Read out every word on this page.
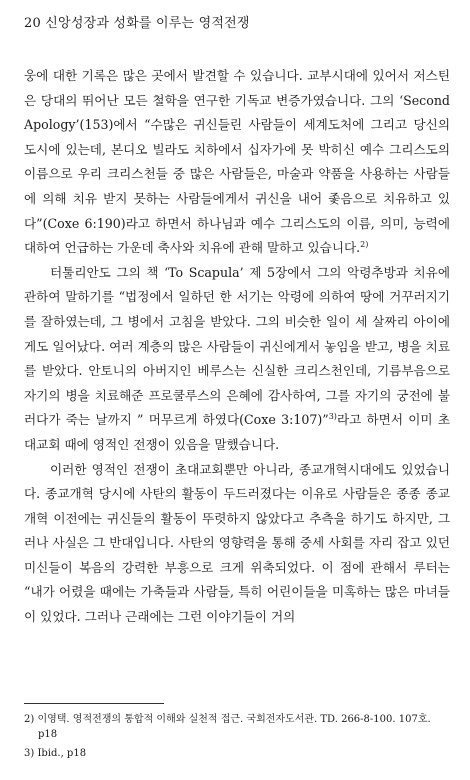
20 신앙성장과 성화를 이루는 영적전쟁

웅에 대한 기록은 많은 곳에서 발견할 수 있습니다. 교부시대에 있어서 저스틴은 당대의 뛰어난 모든 철학을 연구한 기독교 변증가였습니다. 그의 ‘Second Apology’(153)에서 “수많은 귀신들린 사람들이 세계도처에 그리고 당신의 도시에 있는데, 본디오 빌라도 치하에서 십자가에 못 박히신 예수 그리스도의 이름으로 우리 크리스천들 중 많은 사람들은, 마술과 약품을 사용하는 사람들에 의해 치유 받지 못하는 사람들에게서 귀신을 내어 좇음으로 치유하고 있다”(Coxe 6:190)라고 하면서 하나님과 예수 그리스도의 이름, 의미, 능력에 대하여 언급하는 가운데 축사와 치유에 관해 말하고 있습니다.$^{2)}$

터툴리안도 그의 책 ‘To Scapula’ 제 5장에서 그의 악령추방과 치유에 관하여 말하기를 “법정에서 일하던 한 서기는 악령에 의하여 땅에 거꾸러지기를 잘하였는데, 그 병에서 고침을 받았다. 그의 비슷한 일이 세 살짜리 아이에게도 일어났다. 여러 계층의 많은 사람들이 귀신에게서 놓임을 받고, 병을 치료를 받았다. 안토니의 아버지인 베루스는 신실한 크리스천인데, 기름부음으로 자기의 병을 치료해준 프로쿨루스의 은혜에 감사하여, 그를 자기의 궁전에 불러다가 죽는 날까지 ” 머무르게 하였다(Coxe 3:107)”$^{3)}$라고 하면서 이미 초대교회 때에 영적인 전쟁이 있음을 말했습니다.

이러한 영적인 전쟁이 초대교회뿐만 아니라, 종교개혁시대에도 있었습니다. 종교개혁 당시에 사탄의 활동이 두드러졌다는 이유로 사람들은 종종 종교개혁 이전에는 귀신들의 활동이 뚜렷하지 않았다고 추측을 하기도 하지만, 그러나 사실은 그 반대입니다. 사탄의 영향력을 통해 중세 사회를 자리 잡고 있던 미신들이 복음의 강력한 부흥으로 크게 위축되었다. 이 점에 관해서 루터는 “내가 어렸을 때에는 가축들과 사람들, 특히 어린이들을 미혹하는 많은 마녀들이 있었다. 그러나 근래에는 그런 이야기들이 거의

2) 이영택. 영적전쟁의 통합적 이해와 실천적 접근. 국회전자도서관. TD. 266-8-100. 107호. p18

3) Ibid., p18
